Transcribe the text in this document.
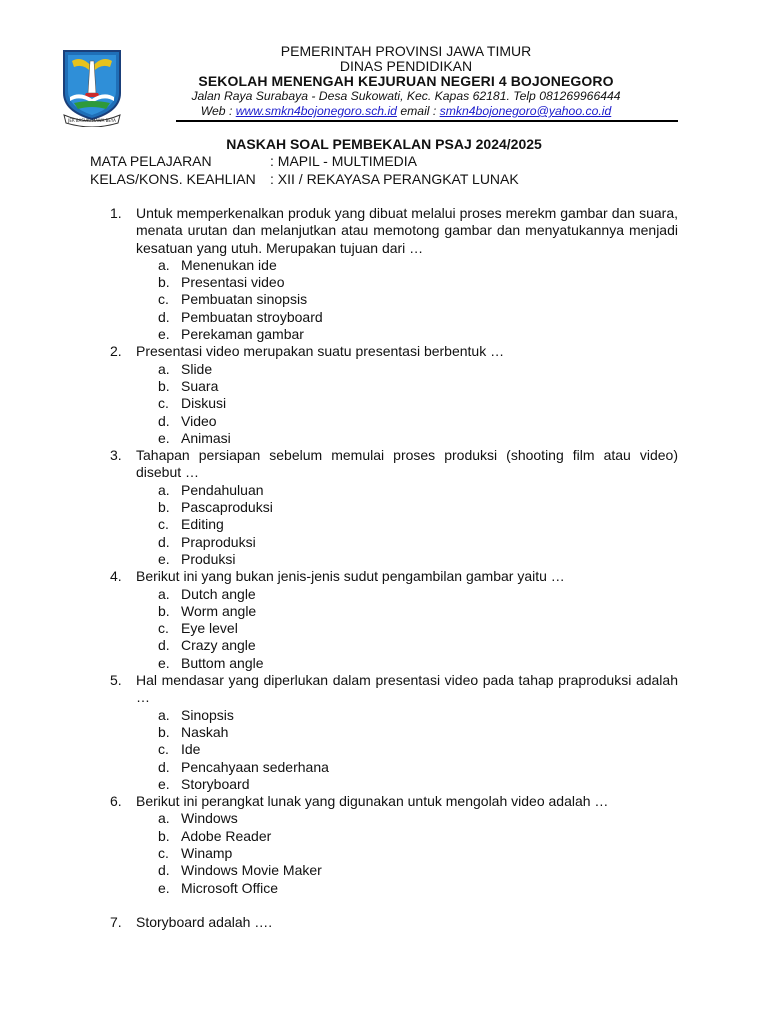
JER BASUKI MAWA BEYA
PEMERINTAH PROVINSI JAWA TIMUR
DINAS PENDIDIKAN
SEKOLAH MENENGAH KEJURUAN NEGERI 4 BOJONEGORO
Jalan Raya Surabaya - Desa Sukowati, Kec. Kapas 62181. Telp 081269966444
Web : www.smkn4bojonegoro.sch.id email : smkn4bojonegoro@yahoo.co.id
NASKAH SOAL PEMBEKALAN PSAJ 2024/2025
MATA PELAJARAN	: MAPIL - MULTIMEDIA
KELAS/KONS. KEAHLIAN : XII / REKAYASA PERANGKAT LUNAK
1.	Untuk memperkenalkan produk yang dibuat melalui proses merekm gambar dan suara, menata urutan dan melanjutkan atau memotong gambar dan menyatukannya menjadi kesatuan yang utuh. Merupakan tujuan dari …
a. Menenukan ide
b. Presentasi video
c. Pembuatan sinopsis
d. Pembuatan stroyboard
e. Perekaman gambar
2.	Presentasi video merupakan suatu presentasi berbentuk …
a. Slide
b. Suara
c. Diskusi
d. Video
e. Animasi
3.	Tahapan persiapan sebelum memulai proses produksi (shooting film atau video) disebut …
a. Pendahuluan
b. Pascaproduksi
c. Editing
d. Praproduksi
e. Produksi
4.	Berikut ini yang bukan jenis-jenis sudut pengambilan gambar yaitu …
a. Dutch angle
b. Worm angle
c. Eye level
d. Crazy angle
e. Buttom angle
5.	Hal mendasar yang diperlukan dalam presentasi video pada tahap praproduksi adalah …
a. Sinopsis
b. Naskah
c. Ide
d. Pencahyaan sederhana
e. Storyboard
6.	Berikut ini perangkat lunak yang digunakan untuk mengolah video adalah …
a. Windows
b. Adobe Reader
c. Winamp
d. Windows Movie Maker
e. Microsoft Office
7.	Storyboard adalah ….
